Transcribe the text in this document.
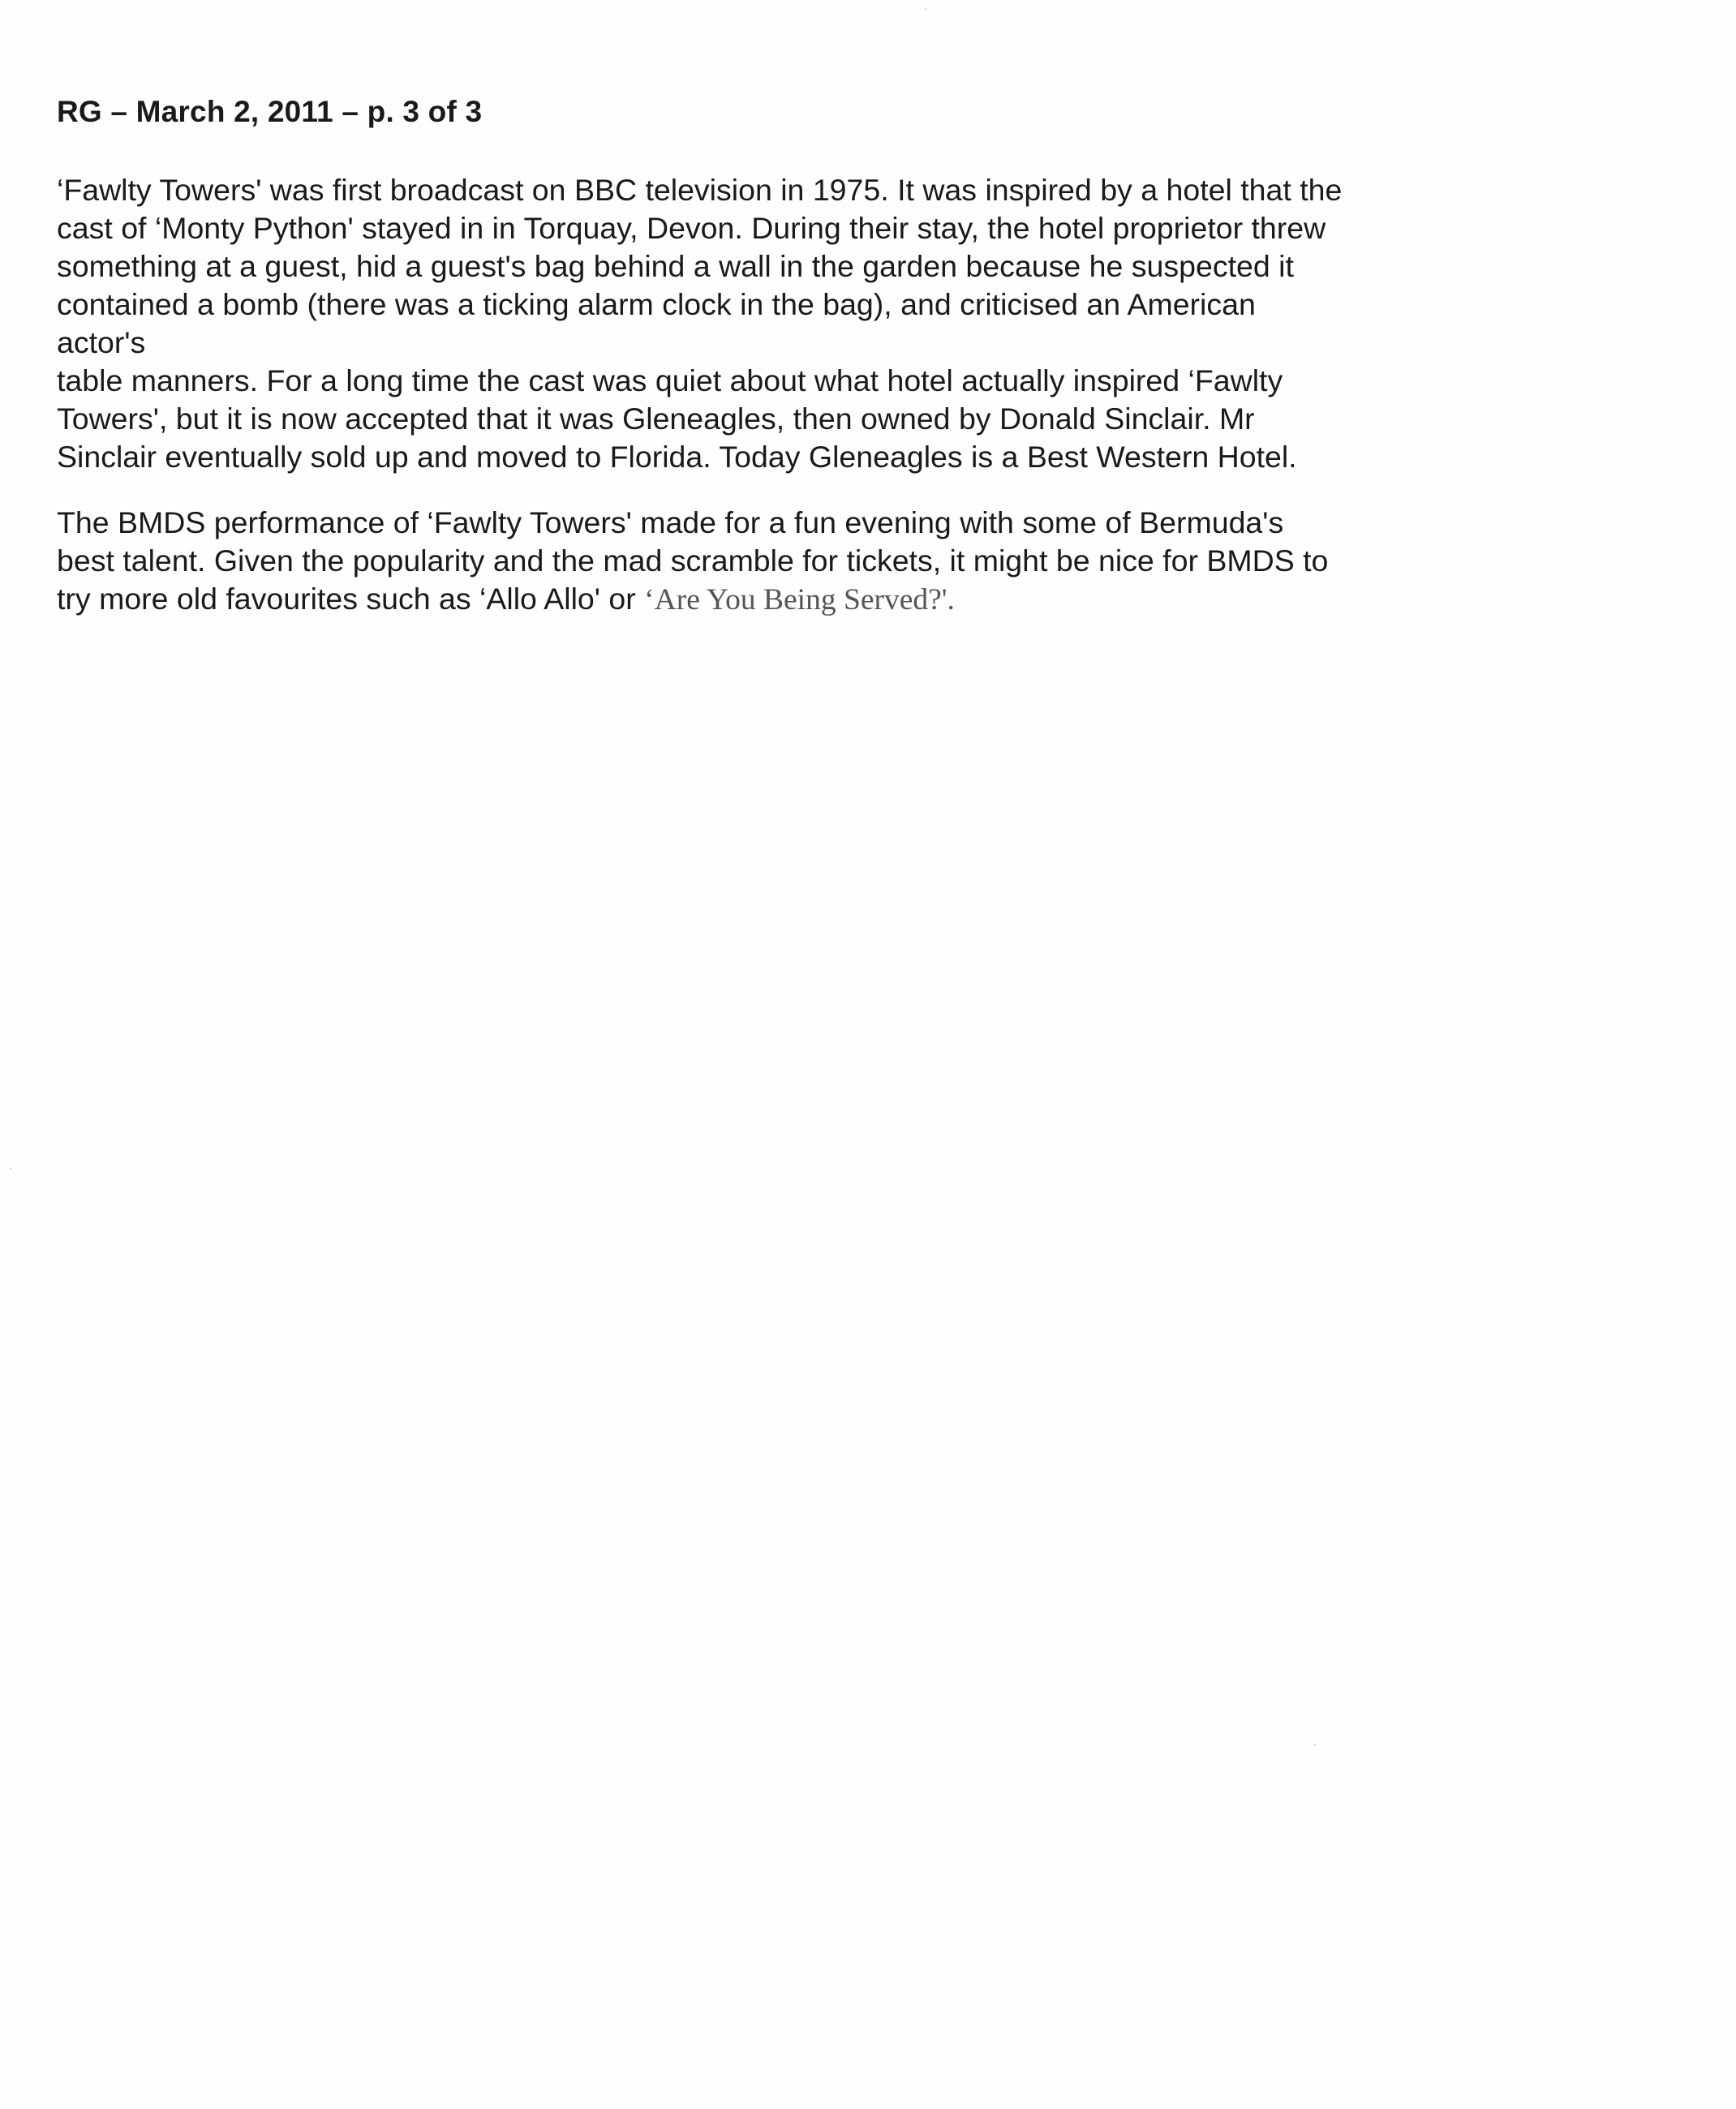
RG – March 2, 2011 – p. 3 of 3
‘Fawlty Towers' was first broadcast on BBC television in 1975. It was inspired by a hotel that the
cast of ‘Monty Python' stayed in in Torquay, Devon. During their stay, the hotel proprietor threw
something at a guest, hid a guest's bag behind a wall in the garden because he suspected it
contained a bomb (there was a ticking alarm clock in the bag), and criticised an American
actor's
table manners. For a long time the cast was quiet about what hotel actually inspired ‘Fawlty
Towers', but it is now accepted that it was Gleneagles, then owned by Donald Sinclair. Mr
Sinclair eventually sold up and moved to Florida. Today Gleneagles is a Best Western Hotel.
The BMDS performance of ‘Fawlty Towers' made for a fun evening with some of Bermuda's
best talent. Given the popularity and the mad scramble for tickets, it might be nice for BMDS to
try more old favourites such as ‘Allo Allo' or ‘Are You Being Served?'.
